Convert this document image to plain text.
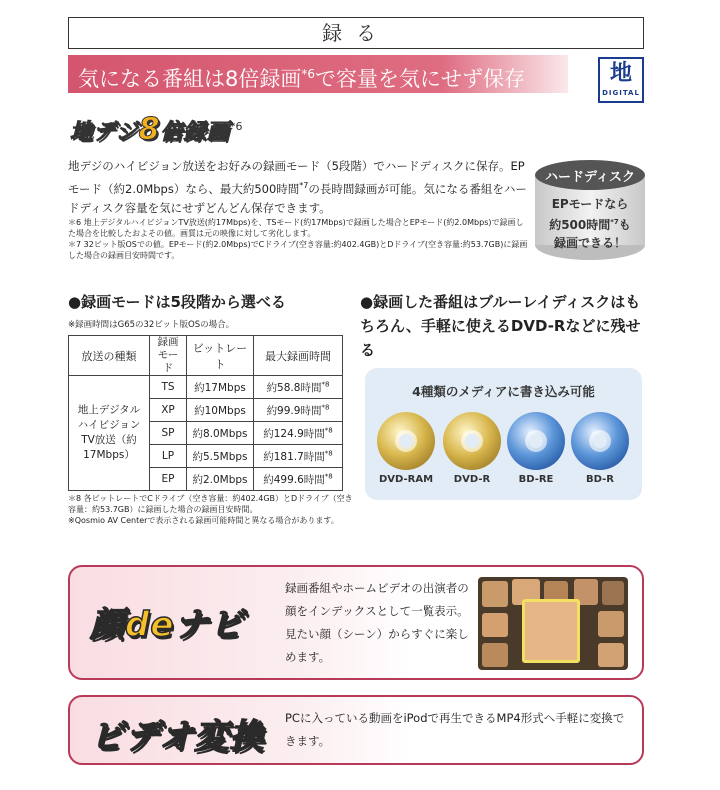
録る
気になる番組は8倍録画$^{*6}$で容量を気にせず保存	地
DIGITAL
地デジ8倍録画 *6
地デジのハイビジョン放送をお好みの録画モード（5段階）でハードディスクに保存。EPモード（約2.0Mbps）なら、最大約500時間$^{*7}$の長時間録画が可能。気になる番組をハードディスク容量を気にせずどんどん保存できます。
＊6 地上デジタルハイビジョンTV放送(約17Mbps)を、TSモード(約17Mbps)で録画した場合とEPモード(約2.0Mbps)で録画した場合を比較したおよその値。画質は元の映像に対して劣化します。
＊7 32ビット版OSでの値。EPモード(約2.0Mbps)でCドライブ(空き容量:約402.4GB)とDドライブ(空き容量:約53.7GB)に録画した場合の録画目安時間です。
ハードディスク
EPモードなら
約500時間$^{*7}$も
録画できる！
●録画モードは5段階から選べる
※録画時間はG65の32ビット版OSの場合。
放送の種類	録画モード	ビットレート	最大録画時間
地上デジタルハイビジョンTV放送（約17Mbps）	TS	約17Mbps	約58.8時間$^{*8}$
	XP	約10Mbps	約99.9時間$^{*8}$
	SP	約8.0Mbps	約124.9時間$^{*8}$
	LP	約5.5Mbps	約181.7時間$^{*8}$
	EP	約2.0Mbps	約499.6時間$^{*8}$
＊8 各ビットレートでCドライブ（空き容量：約402.4GB）とDドライブ（空き容量：約53.7GB）に録画した場合の録画目安時間。
※Qosmio AV Centerで表示される録画可能時間と異なる場合があります。
●録画した番組はブルーレイディスクはもちろん、手軽に使えるDVD-Rなどに残せる
4種類のメディアに書き込み可能
DVD-RAM	DVD-R	BD-RE	BD-R
顔deナビ
録画番組やホームビデオの出演者の顔をインデックスとして一覧表示。見たい顔（シーン）からすぐに楽しめます。
ビデオ変換 PCに入っている動画をiPodで再生できるMP4形式へ手軽に変換できます。
